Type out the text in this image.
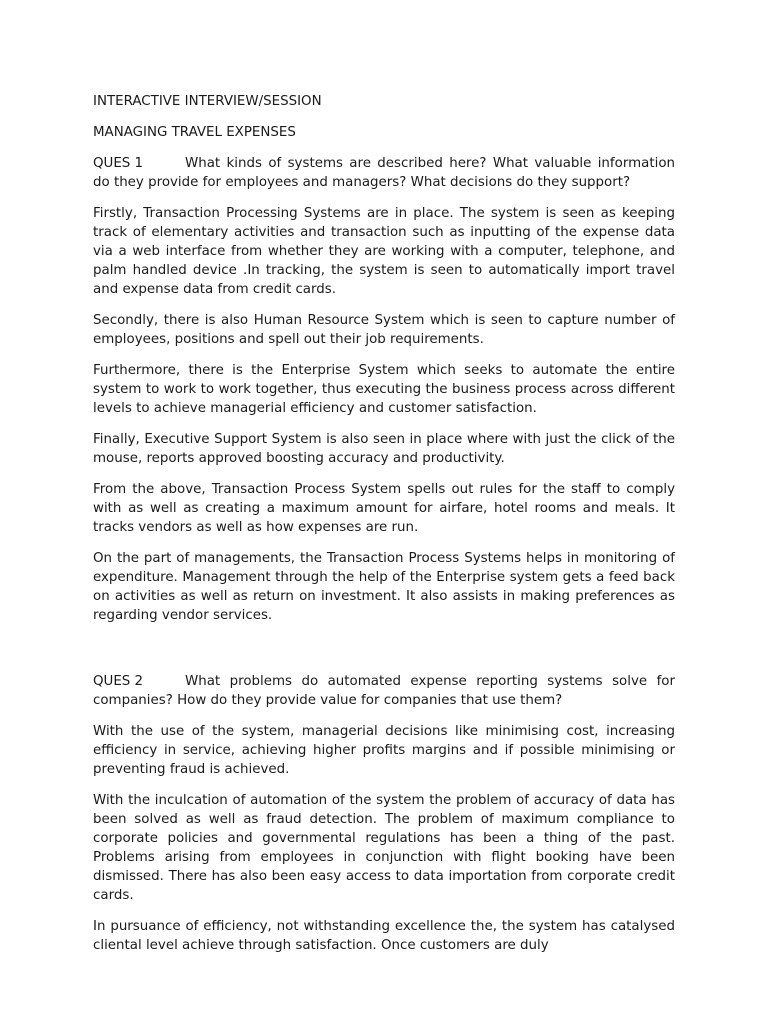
INTERACTIVE INTERVIEW/SESSION
MANAGING TRAVEL EXPENSES
QUES 1	What kinds of systems are described here? What valuable information do they provide for employees and managers? What decisions do they support?

Firstly, Transaction Processing Systems are in place. The system is seen as keeping track of elementary activities and transaction such as inputting of the expense data via a web interface from whether they are working with a computer, telephone, and palm handled device .In tracking, the system is seen to automatically import travel and expense data from credit cards.

Secondly, there is also Human Resource System which is seen to capture number of employees, positions and spell out their job requirements.

Furthermore, there is the Enterprise System which seeks to automate the entire system to work to work together, thus executing the business process across different levels to achieve managerial efficiency and customer satisfaction.

Finally, Executive Support System is also seen in place where with just the click of the mouse, reports approved boosting accuracy and productivity.

From the above, Transaction Process System spells out rules for the staff to comply with as well as creating a maximum amount for airfare, hotel rooms and meals. It tracks vendors as well as how expenses are run.

On the part of managements, the Transaction Process Systems helps in monitoring of expenditure. Management through the help of the Enterprise system gets a feed back on activities as well as return on investment. It also assists in making preferences as regarding vendor services.

QUES 2	What problems do automated expense reporting systems solve for companies? How do they provide value for companies that use them?

With the use of the system, managerial decisions like minimising cost, increasing efficiency in service, achieving higher profits margins and if possible minimising or preventing fraud is achieved.

With the inculcation of automation of the system the problem of accuracy of data has been solved as well as fraud detection. The problem of maximum compliance to corporate policies and governmental regulations has been a thing of the past. Problems arising from employees in conjunction with flight booking have been dismissed. There has also been easy access to data importation from corporate credit cards.

In pursuance of efficiency, not withstanding excellence the, the system has catalysed cliental level achieve through satisfaction. Once customers are duly
